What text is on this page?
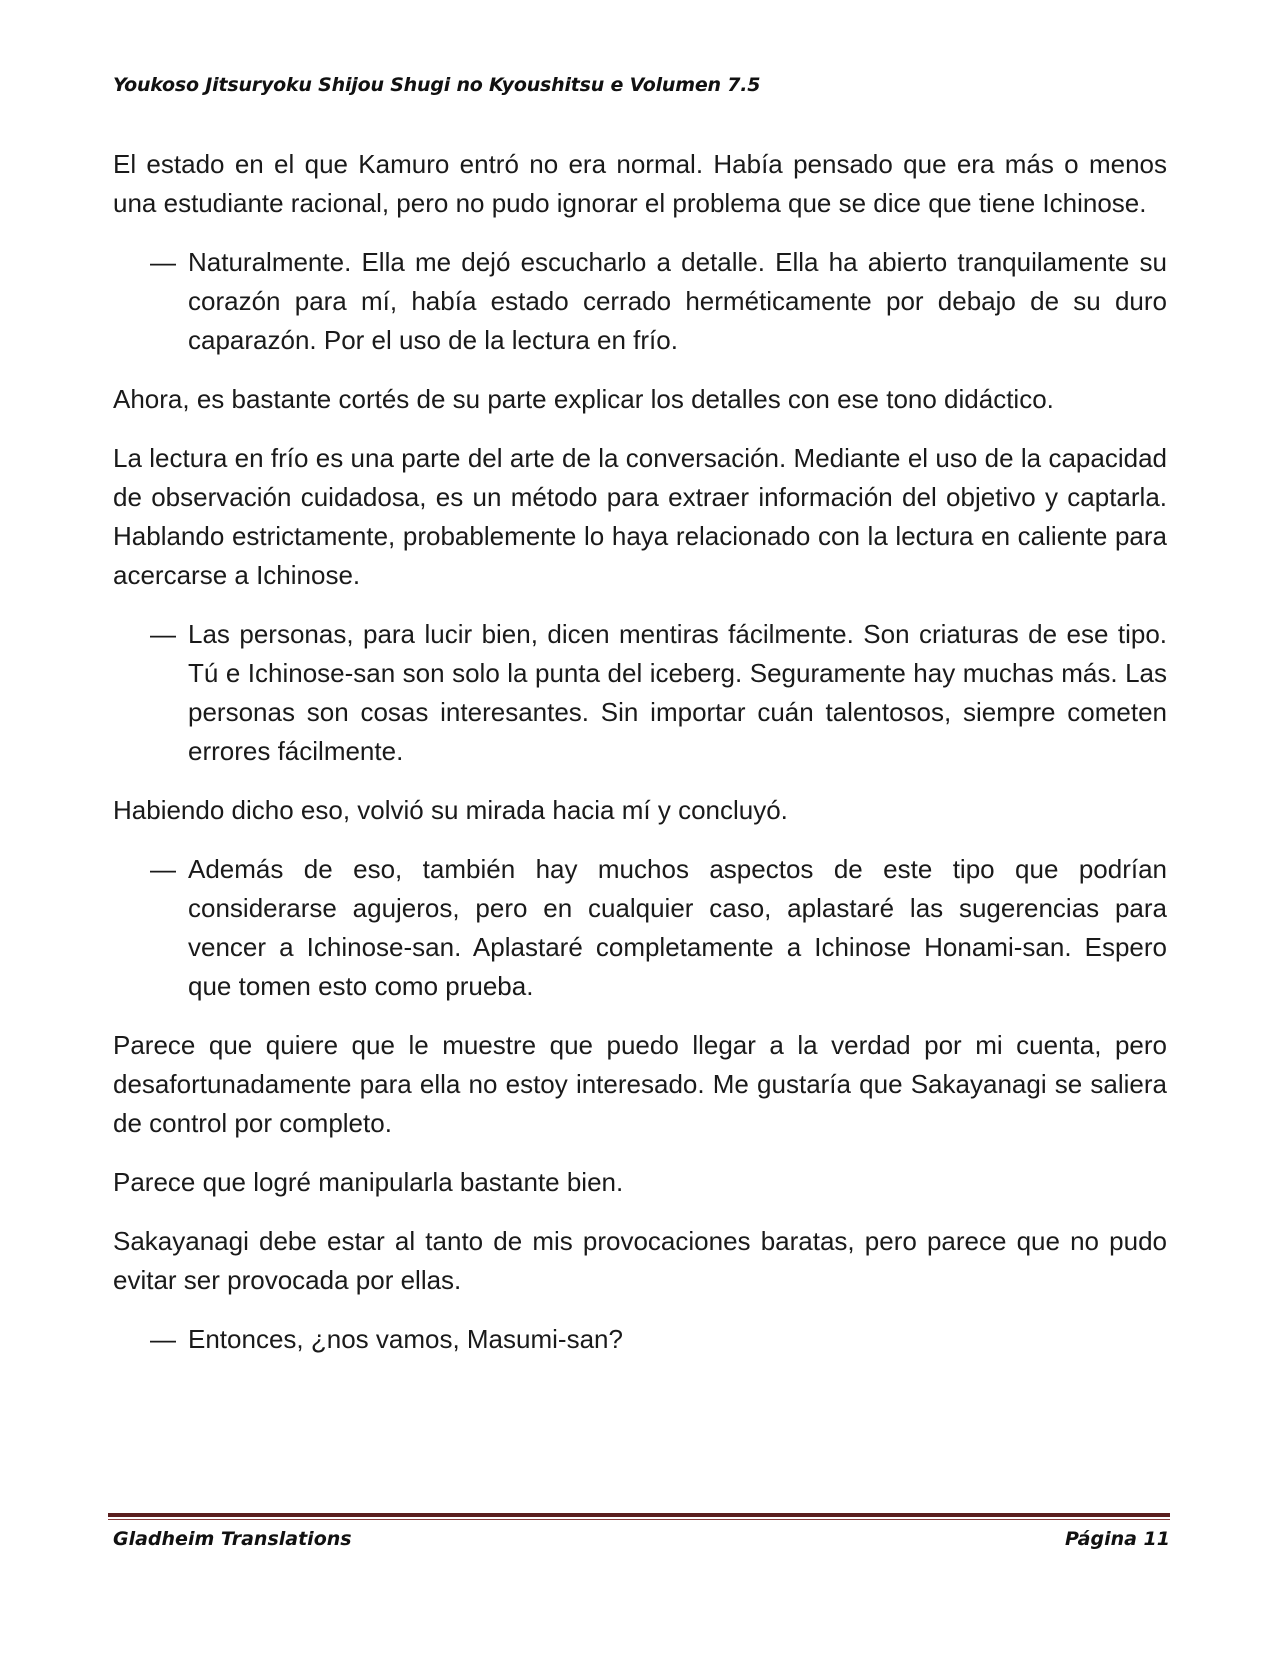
Youkoso Jitsuryoku Shijou Shugi no Kyoushitsu e Volumen 7.5

El estado en el que Kamuro entró no era normal. Había pensado que era más o menos una estudiante racional, pero no pudo ignorar el problema que se dice que tiene Ichinose.

— Naturalmente. Ella me dejó escucharlo a detalle. Ella ha abierto tranquilamente su corazón para mí, había estado cerrado herméticamente por debajo de su duro caparazón. Por el uso de la lectura en frío.

Ahora, es bastante cortés de su parte explicar los detalles con ese tono didáctico.

La lectura en frío es una parte del arte de la conversación. Mediante el uso de la capacidad de observación cuidadosa, es un método para extraer información del objetivo y captarla. Hablando estrictamente, probablemente lo haya relacionado con la lectura en caliente para acercarse a Ichinose.

— Las personas, para lucir bien, dicen mentiras fácilmente. Son criaturas de ese tipo. Tú e Ichinose-san son solo la punta del iceberg. Seguramente hay muchas más. Las personas son cosas interesantes. Sin importar cuán talentosos, siempre cometen errores fácilmente.

Habiendo dicho eso, volvió su mirada hacia mí y concluyó.

— Además de eso, también hay muchos aspectos de este tipo que podrían considerarse agujeros, pero en cualquier caso, aplastaré las sugerencias para vencer a Ichinose-san. Aplastaré completamente a Ichinose Honami-san. Espero que tomen esto como prueba.

Parece que quiere que le muestre que puedo llegar a la verdad por mi cuenta, pero desafortunadamente para ella no estoy interesado. Me gustaría que Sakayanagi se saliera de control por completo.

Parece que logré manipularla bastante bien.

Sakayanagi debe estar al tanto de mis provocaciones baratas, pero parece que no pudo evitar ser provocada por ellas.

— Entonces, ¿nos vamos, Masumi-san?
Gladheim Translations	Página 11
